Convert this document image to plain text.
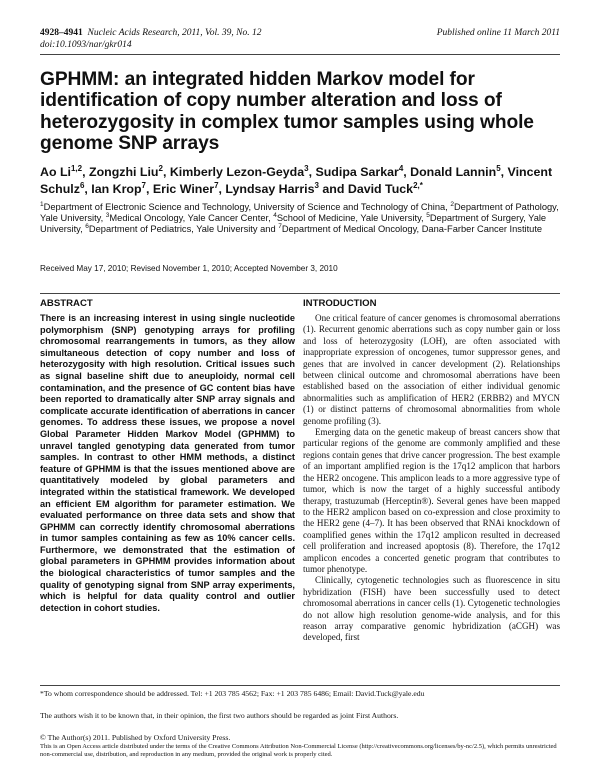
4928–4941 Nucleic Acids Research, 2011, Vol. 39, No. 12
doi:10.1093/nar/gkr014
Published online 11 March 2011
GPHMM: an integrated hidden Markov model for identification of copy number alteration and loss of heterozygosity in complex tumor samples using whole genome SNP arrays
Ao Li$^{1,2}$, Zongzhi Liu$^2$, Kimberly Lezon-Geyda$^3$, Sudipa Sarkar$^4$, Donald Lannin$^5$, Vincent Schulz$^6$, Ian Krop$^7$, Eric Winer$^7$, Lyndsay Harris$^3$ and David Tuck$^{2,*}$
$^1$Department of Electronic Science and Technology, University of Science and Technology of China, $^2$Department of Pathology, Yale University, $^3$Medical Oncology, Yale Cancer Center, $^4$School of Medicine, Yale University, $^5$Department of Surgery, Yale University, $^6$Department of Pediatrics, Yale University and $^7$Department of Medical Oncology, Dana-Farber Cancer Institute
Received May 17, 2010; Revised November 1, 2010; Accepted November 3, 2010
ABSTRACT	INTRODUCTION
There is an increasing interest in using single nucleotide polymorphism (SNP) genotyping arrays for profiling chromosomal rearrangements in tumors, as they allow simultaneous detection of copy number and loss of heterozygosity with high resolution. Critical issues such as signal baseline shift due to aneuploidy, normal cell contamination, and the presence of GC content bias have been reported to dramatically alter SNP array signals and complicate accurate identification of aberrations in cancer genomes. To address these issues, we propose a novel Global Parameter Hidden Markov Model (GPHMM) to unravel tangled genotyping data generated from tumor samples. In contrast to other HMM methods, a distinct feature of GPHMM is that the issues mentioned above are quantitatively modeled by global parameters and integrated within the statistical framework. We developed an efficient EM algorithm for parameter estimation. We evaluated performance on three data sets and show that GPHMM can correctly identify chromosomal aberrations in tumor samples containing as few as 10% cancer cells. Furthermore, we demonstrated that the estimation of global parameters in GPHMM provides information about the biological characteristics of tumor samples and the quality of genotyping signal from SNP array experiments, which is helpful for data quality control and outlier detection in cohort studies.

One critical feature of cancer genomes is chromosomal aberrations (1). Recurrent genomic aberrations such as copy number gain or loss and loss of heterozygosity (LOH), are often associated with inappropriate expression of oncogenes, tumor suppressor genes, and genes that are involved in cancer development (2). Relationships between clinical outcome and chromosomal aberrations have been established based on the association of either individual genomic abnormalities such as amplification of HER2 (ERBB2) and MYCN (1) or distinct patterns of chromosomal abnormalities from whole genome profiling (3).

Emerging data on the genetic makeup of breast cancers show that particular regions of the genome are commonly amplified and these regions contain genes that drive cancer progression. The best example of an important amplified region is the 17q12 amplicon that harbors the HER2 oncogene. This amplicon leads to a more aggressive type of tumor, which is now the target of a highly successful antibody therapy, trastuzumab (Herceptin®). Several genes have been mapped to the HER2 amplicon based on co-expression and close proximity to the HER2 gene (4–7). It has been observed that RNAi knockdown of coamplified genes within the 17q12 amplicon resulted in decreased cell proliferation and increased apoptosis (8). Therefore, the 17q12 amplicon encodes a concerted genetic program that contributes to tumor phenotype.

Clinically, cytogenetic technologies such as fluorescence in situ hybridization (FISH) have been successfully used to detect chromosomal aberrations in cancer cells (1). Cytogenetic technologies do not allow high resolution genome-wide analysis, and for this reason array comparative genomic hybridization (aCGH) was developed, first

*To whom correspondence should be addressed. Tel: +1 203 785 4562; Fax: +1 203 785 6486; Email: David.Tuck@yale.edu
The authors wish it to be known that, in their opinion, the first two authors should be regarded as joint First Authors.
© The Author(s) 2011. Published by Oxford University Press.
This is an Open Access article distributed under the terms of the Creative Commons Attribution Non-Commercial License (http://creativecommons.org/licenses/by-nc/2.5), which permits unrestricted non-commercial use, distribution, and reproduction in any medium, provided the original work is properly cited.
